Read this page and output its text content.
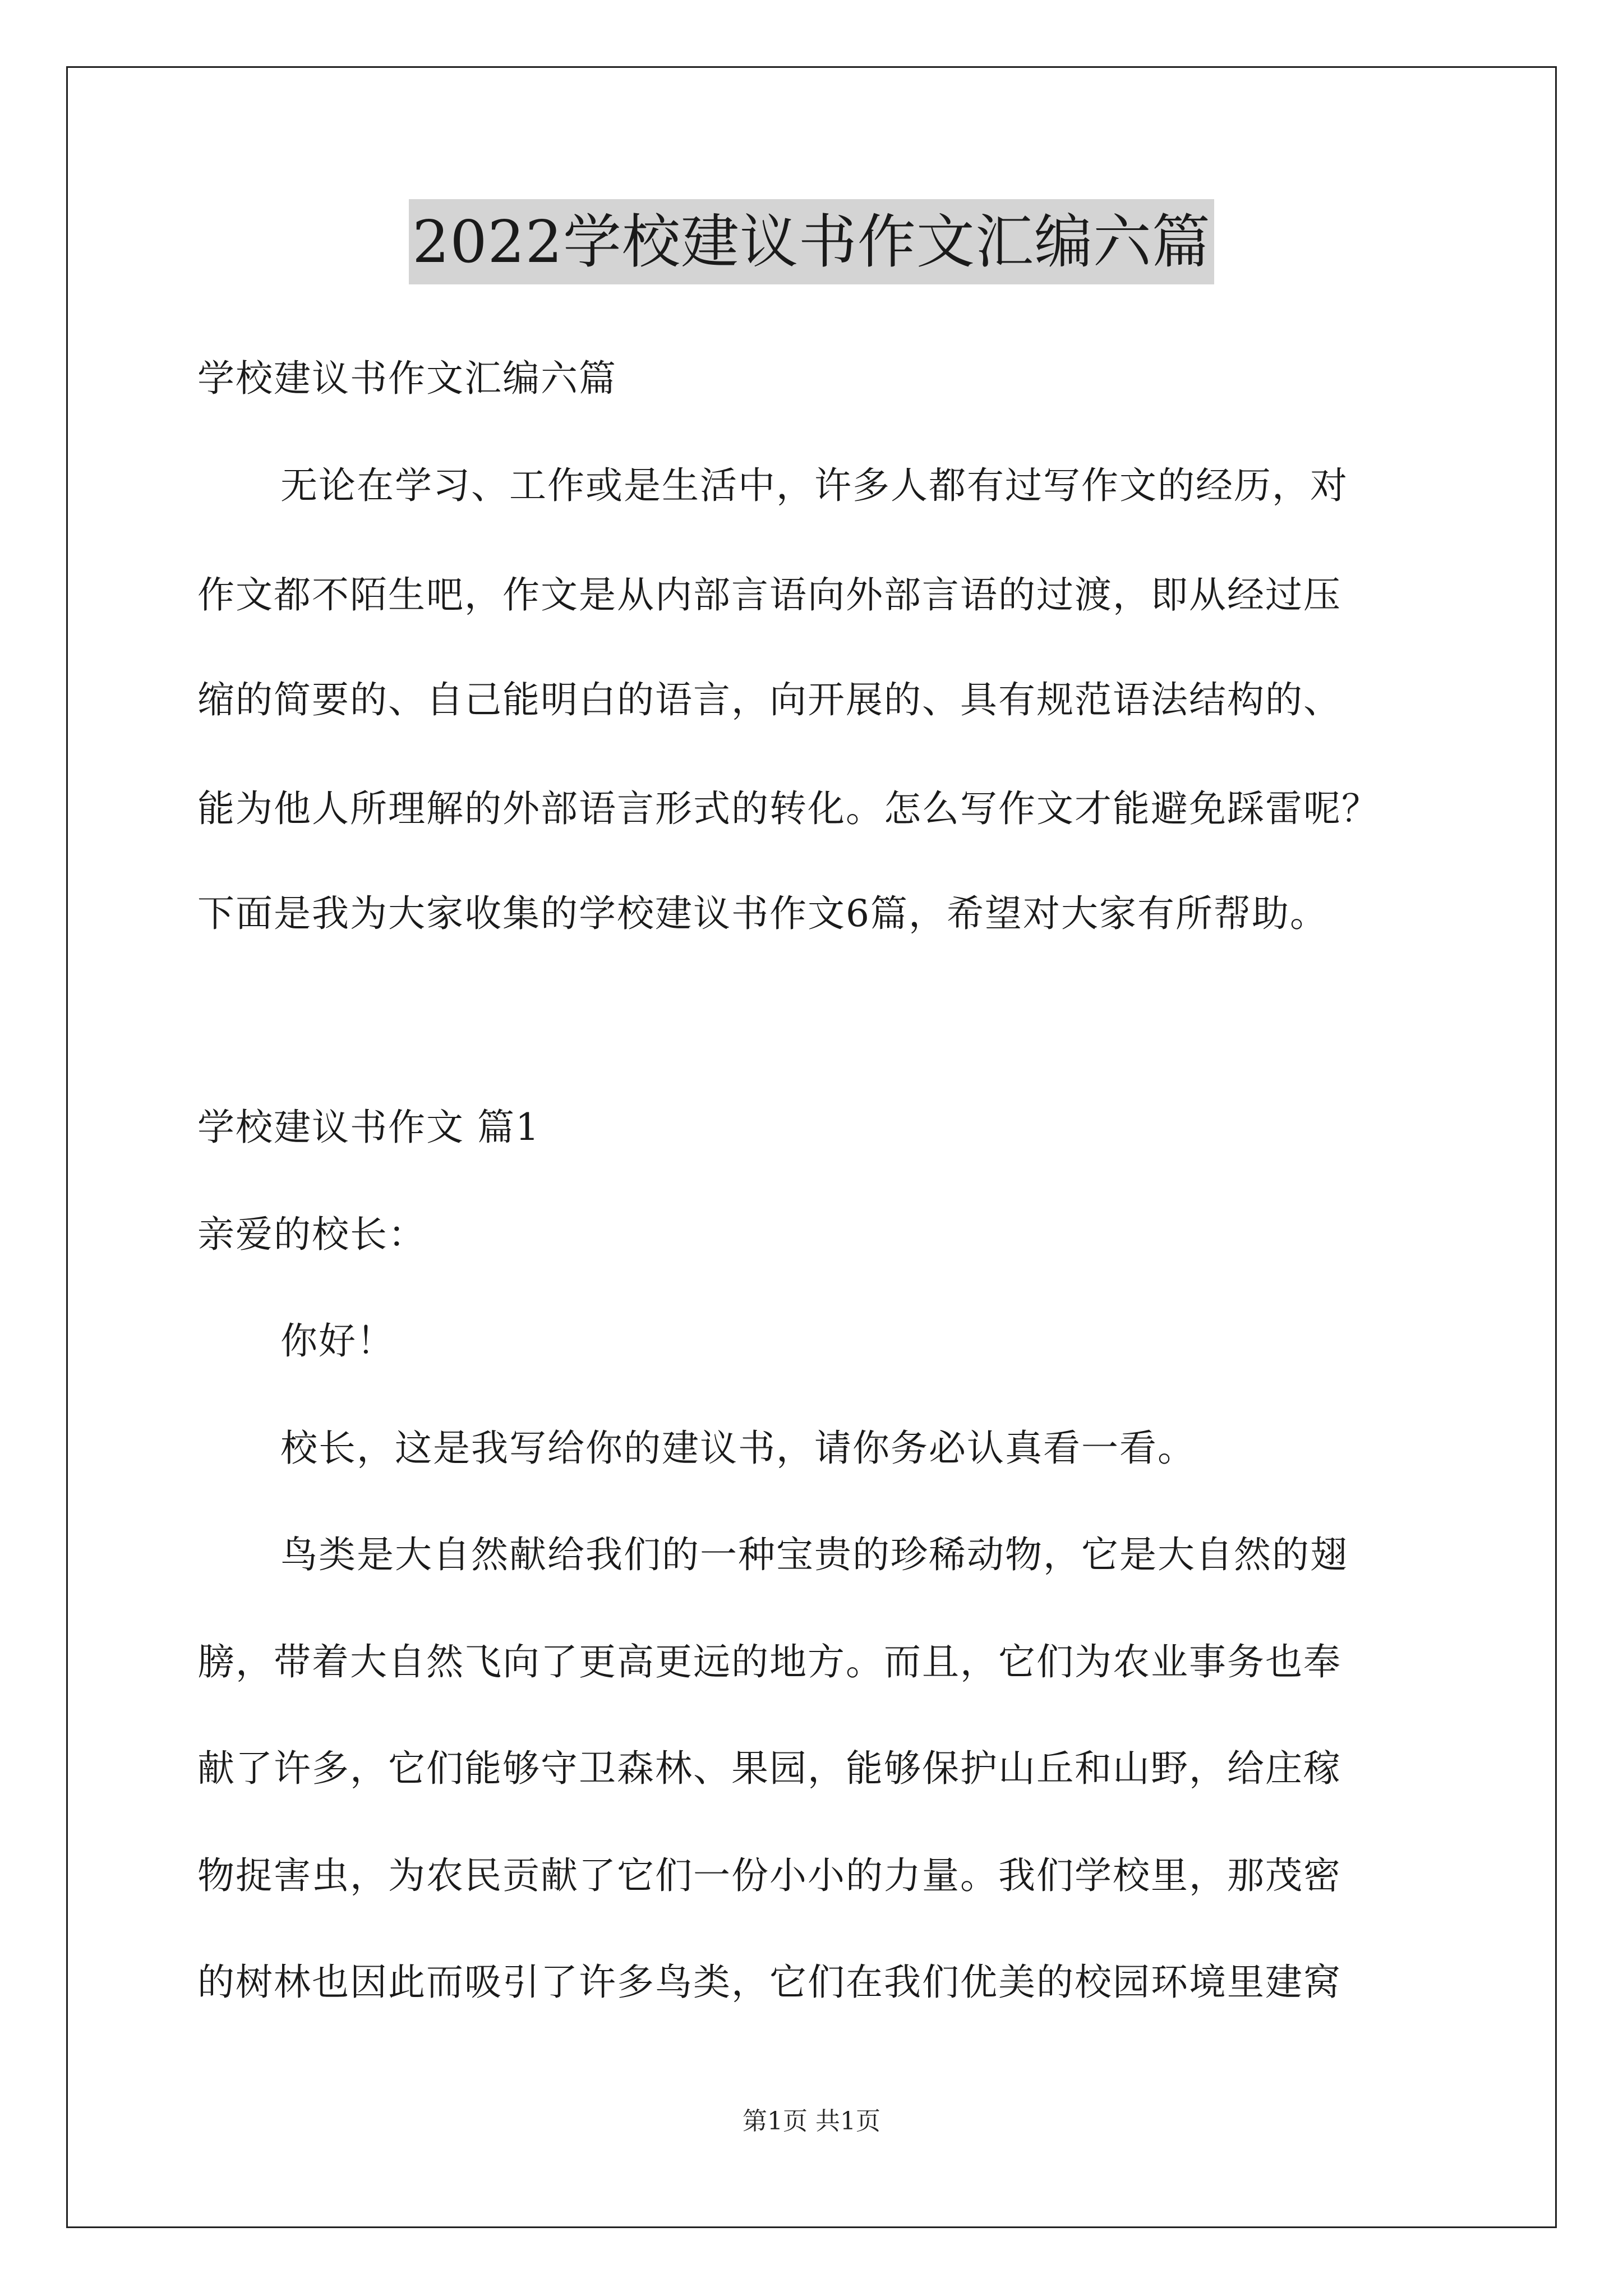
2022学校建议书作文汇编六篇
学校建议书作文汇编六篇
无论在学习、工作或是生活中，许多人都有过写作文的经历，对
作文都不陌生吧，作文是从内部言语向外部言语的过渡，即从经过压
缩的简要的、自己能明白的语言，向开展的、具有规范语法结构的、
能为他人所理解的外部语言形式的转化。怎么写作文才能避免踩雷呢？
下面是我为大家收集的学校建议书作文6篇，希望对大家有所帮助。
学校建议书作文 篇1
亲爱的校长：
你好！
校长，这是我写给你的建议书，请你务必认真看一看。
鸟类是大自然献给我们的一种宝贵的珍稀动物，它是大自然的翅
膀，带着大自然飞向了更高更远的地方。而且，它们为农业事务也奉
献了许多，它们能够守卫森林、果园，能够保护山丘和山野，给庄稼
物捉害虫，为农民贡献了它们一份小小的力量。我们学校里，那茂密
的树林也因此而吸引了许多鸟类，它们在我们优美的校园环境里建窝
第1页 共1页
